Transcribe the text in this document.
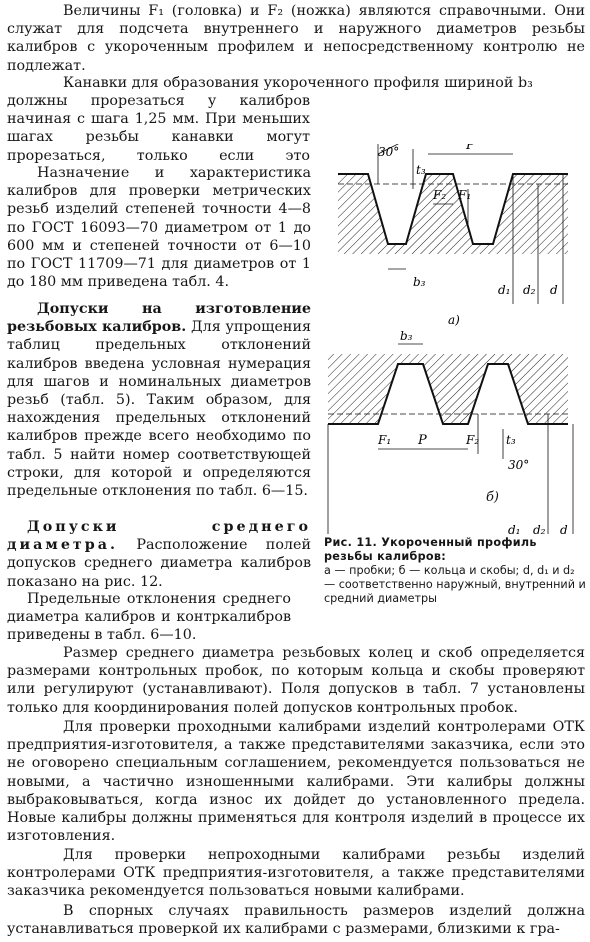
Величины F₁ (головка) и F₂ (ножка) являются справочными. Они служат для подсчета внутреннего и наружного диаметров резьбы калибров с укороченным профилем и непосредственному контролю не подлежат.

Канавки для образования укороченного профиля шириной b₃

должны прорезаться у калибров начиная с шага 1,25 мм. При меньших шагах резьбы канавки могут прорезаться, только если это

Назначение и характеристика калибров для проверки метрических резьб изделий степеней точности 4—8 по ГОСТ 16093—70 диаметром от 1 до 600 мм и степеней точности от 6—10 по ГОСТ 11709—71 для диаметров от 1 до 180 мм приведена табл. 4.

Допуски на изготовление резьбовых калибров. Для упрощения таблиц предельных отклонений калибров введена условная нумерация для шагов и номинальных диаметров резьб (табл. 5). Таким образом, для нахождения предельных отклонений калибров прежде всего необходимо по табл. 5 найти номер соответствующей строки, для которой и определяются предельные отклонения по табл. 6—15.

Допуски среднего диаметра. Расположение полей допусков среднего диаметра калибров показано на рис. 12.

Предельные отклонения среднего диаметра калибров и контркалибров приведены в табл. 6—10.

Размер среднего диаметра резьбовых колец и скоб определяется размерами контрольных пробок, по которым кольца и скобы проверяют или регулируют (устанавливают). Поля допусков в табл. 7 установлены только для координирования полей допусков контрольных пробок.

Для проверки проходными калибрами изделий контролерами ОТК предприятия-изготовителя, а также представителями заказчика, если это не оговорено специальным соглашением, рекомендуется пользоваться не новыми, а частично изношенными калибрами. Эти калибры должны выбраковываться, когда износ их дойдет до установленного предела. Новые калибры должны применяться для контроля изделий в процессе их изготовления.

Для проверки непроходными калибрами резьбы изделий контролерами ОТК предприятия-изготовителя, а также представителями заказчика рекомендуется пользоваться новыми калибрами.

В спорных случаях правильность размеров изделий должна устанавливаться проверкой их калибрами с размерами, близкими к гра-

30°	P
t₃
F₂ F₁
b₃
d₁ d₂ d
а)
b₃
P
F₁	F₂ t₃
30°
d₁ d₂ d
б)
Рис. 11. Укороченный профиль резьбы калибров:
а — пробки; б — кольца и скобы; d, d₁ и d₂ — соответственно наружный, внутренний и средний диаметры
